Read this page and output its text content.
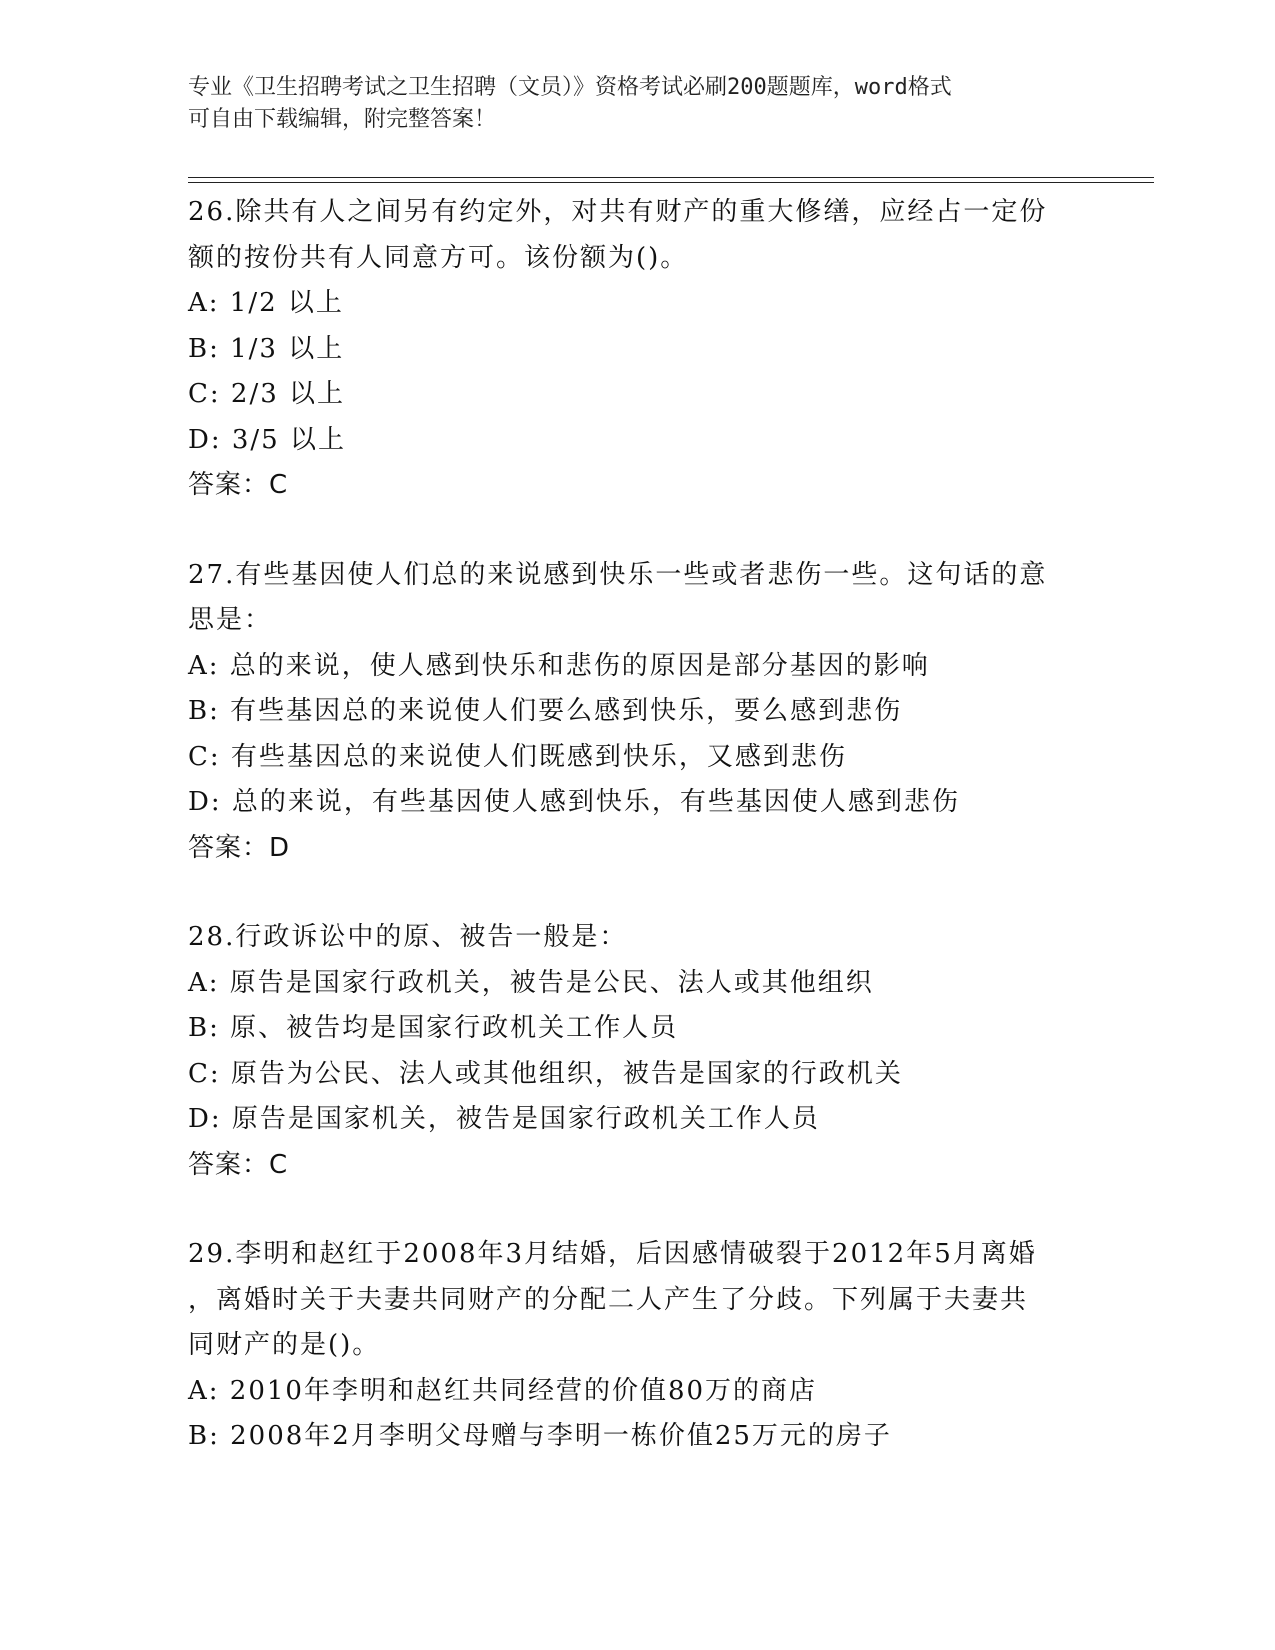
专业《卫生招聘考试之卫生招聘（文员）》资格考试必刷200题题库，word格式
可自由下载编辑，附完整答案！
26.除共有人之间另有约定外，对共有财产的重大修缮，应经占一定份
额的按份共有人同意方可。该份额为()。
A: 1/2 以上
B: 1/3 以上
C: 2/3 以上
D: 3/5 以上
答案：C
27.有些基因使人们总的来说感到快乐一些或者悲伤一些。这句话的意
思是：
A: 总的来说，使人感到快乐和悲伤的原因是部分基因的影响
B: 有些基因总的来说使人们要么感到快乐，要么感到悲伤
C: 有些基因总的来说使人们既感到快乐，又感到悲伤
D: 总的来说，有些基因使人感到快乐，有些基因使人感到悲伤
答案：D
28.行政诉讼中的原、被告一般是：
A: 原告是国家行政机关，被告是公民、法人或其他组织
B: 原、被告均是国家行政机关工作人员
C: 原告为公民、法人或其他组织，被告是国家的行政机关
D: 原告是国家机关，被告是国家行政机关工作人员
答案：C
29.李明和赵红于2008年3月结婚，后因感情破裂于2012年5月离婚
，离婚时关于夫妻共同财产的分配二人产生了分歧。下列属于夫妻共
同财产的是()。
A: 2010年李明和赵红共同经营的价值80万的商店
B: 2008年2月李明父母赠与李明一栋价值25万元的房子
